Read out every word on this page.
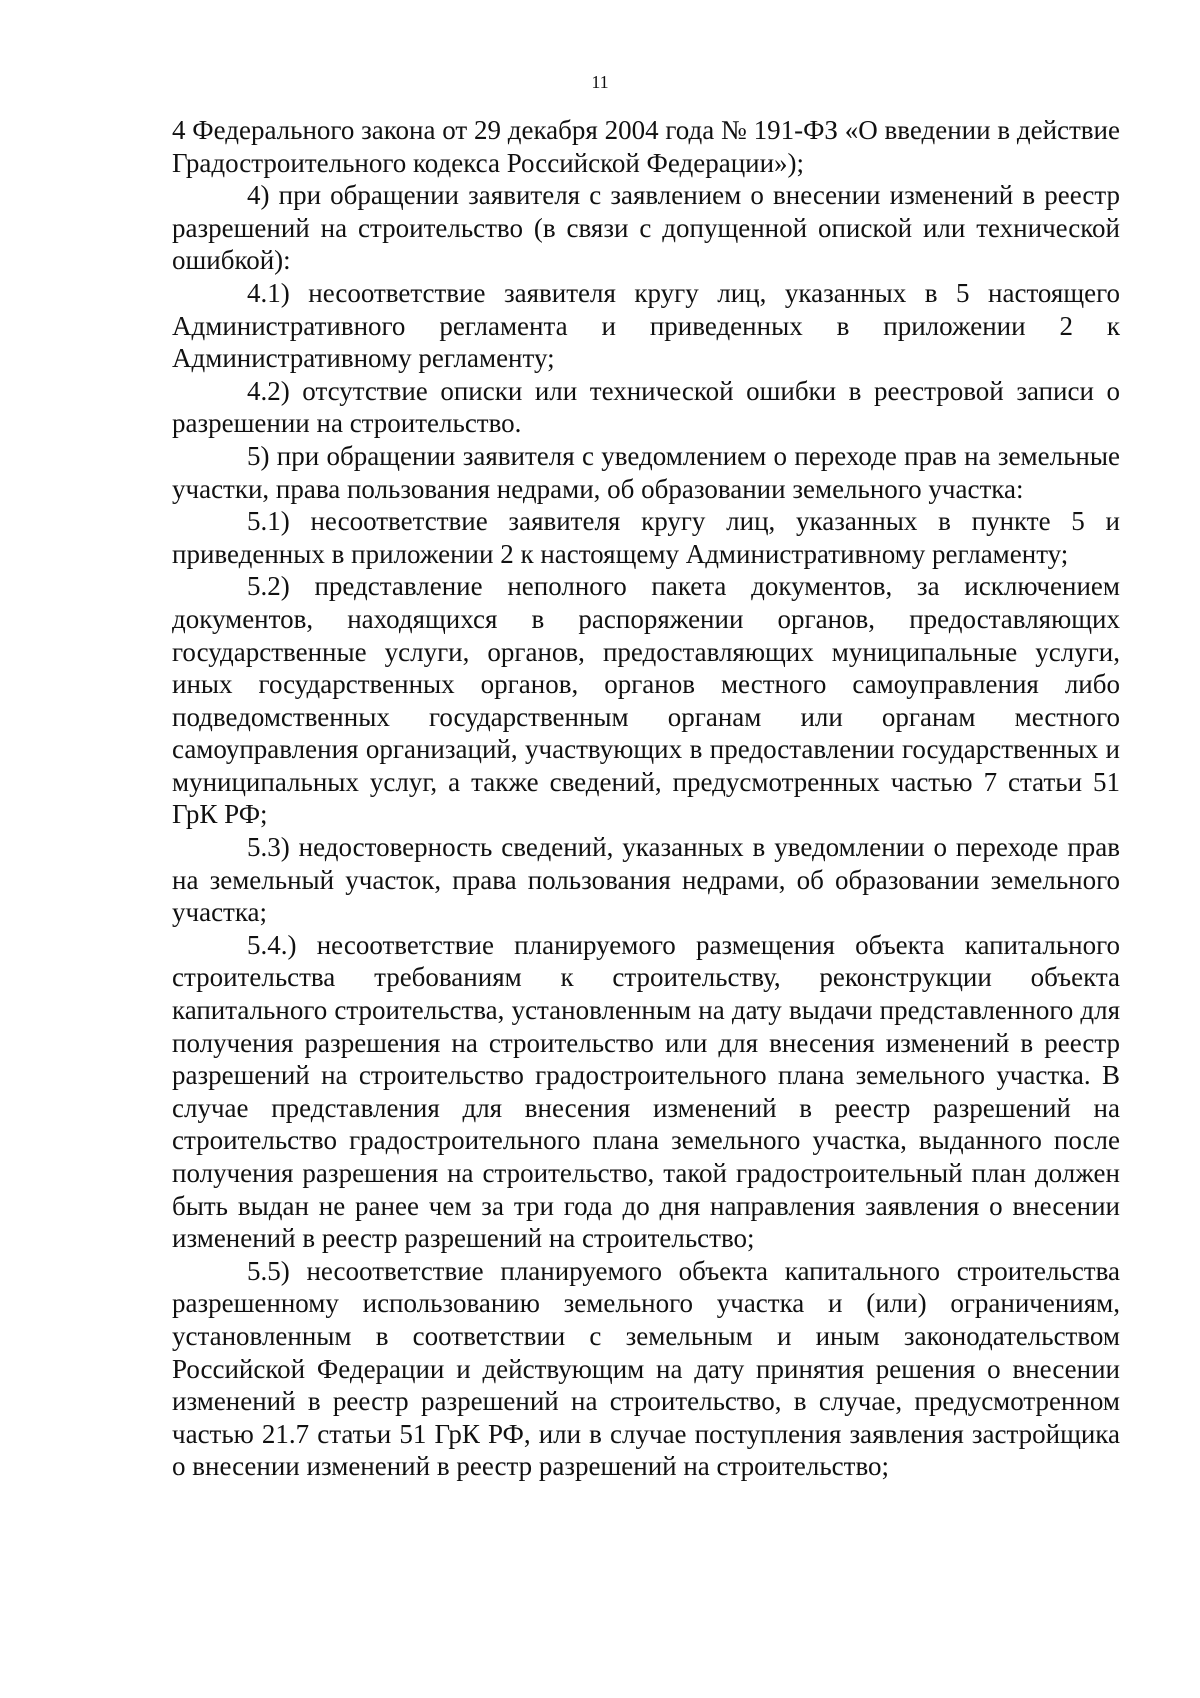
11

4 Федерального закона от 29 декабря 2004 года № 191-ФЗ «О введении в действие Градостроительного кодекса Российской Федерации»);

4) при обращении заявителя с заявлением о внесении изменений в реестр разрешений на строительство (в связи с допущенной опиской или технической ошибкой):

4.1) несоответствие заявителя кругу лиц, указанных в 5 настоящего Административного регламента и приведенных в приложении 2 к Административному регламенту;

4.2) отсутствие описки или технической ошибки в реестровой записи о разрешении на строительство.

5) при обращении заявителя с уведомлением о переходе прав на земельные участки, права пользования недрами, об образовании земельного участка:

5.1) несоответствие заявителя кругу лиц, указанных в пункте 5 и приведенных в приложении 2 к настоящему Административному регламенту;

5.2) представление неполного пакета документов, за исключением документов, находящихся в распоряжении органов, предоставляющих государственные услуги, органов, предоставляющих муниципальные услуги, иных государственных органов, органов местного самоуправления либо подведомственных государственным органам или органам местного самоуправления организаций, участвующих в предоставлении государственных и муниципальных услуг, а также сведений, предусмотренных частью 7 статьи 51 ГрК РФ;

5.3) недостоверность сведений, указанных в уведомлении о переходе прав на земельный участок, права пользования недрами, об образовании земельного участка;

5.4.) несоответствие планируемого размещения объекта капитального строительства требованиям к строительству, реконструкции объекта капитального строительства, установленным на дату выдачи представленного для получения разрешения на строительство или для внесения изменений в реестр разрешений на строительство градостроительного плана земельного участка. В случае представления для внесения изменений в реестр разрешений на строительство градостроительного плана земельного участка, выданного после получения разрешения на строительство, такой градостроительный план должен быть выдан не ранее чем за три года до дня направления заявления о внесении изменений в реестр разрешений на строительство;

5.5) несоответствие планируемого объекта капитального строительства разрешенному использованию земельного участка и (или) ограничениям, установленным в соответствии с земельным и иным законодательством Российской Федерации и действующим на дату принятия решения о внесении изменений в реестр разрешений на строительство, в случае, предусмотренном частью 21.7 статьи 51 ГрК РФ, или в случае поступления заявления застройщика о внесении изменений в реестр разрешений на строительство;
